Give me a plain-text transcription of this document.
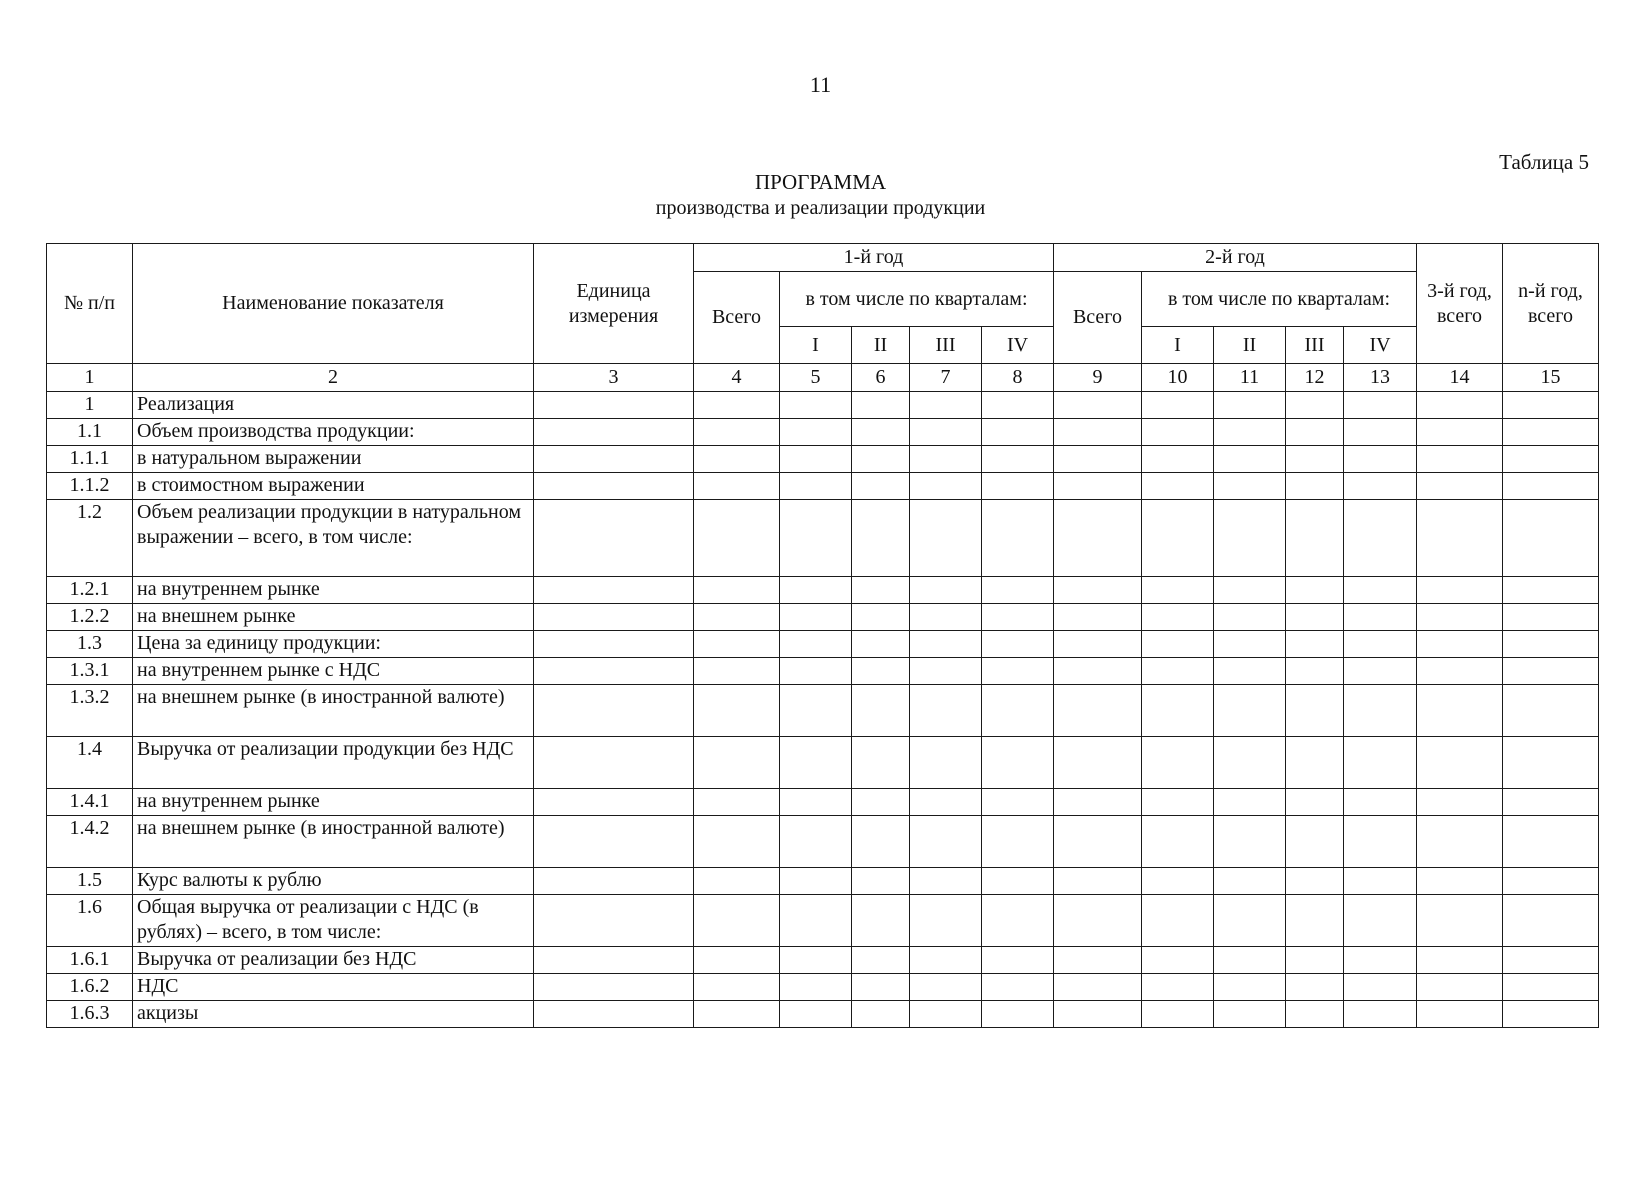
11
Таблица 5
ПРОГРАММА
производства и реализации продукции
№ п/п	Наименование показателя	Единица измерения	1-й год					2-й год					3-й год, всего	n-й год, всего
			Всего	в том числе по кварталам:				Всего	в том числе по кварталам:					
				I	II	III	IV		I	II	III	IV		
1	2	3	4	5	6	7	8	9	10	11	12	13	14	15
1	Реализация													
1.1	Объем производства продукции:													
1.1.1	в натуральном выражении													
1.1.2	в стоимостном выражении													
1.2	Объем реализации продукции в натуральном выражении – всего, в том числе:													
1.2.1	на внутреннем рынке													
1.2.2	на внешнем рынке													
1.3	Цена за единицу продукции:													
1.3.1	на внутреннем рынке с НДС													
1.3.2	на внешнем рынке (в иностранной валюте)													
1.4	Выручка от реализации продукции без НДС													
1.4.1	на внутреннем рынке													
1.4.2	на внешнем рынке (в иностранной валюте)													
1.5	Курс валюты к рублю													
1.6	Общая выручка от реализации с НДС (в рублях) – всего, в том числе:													
1.6.1	Выручка от реализации без НДС													
1.6.2	НДС													
1.6.3	акцизы													
